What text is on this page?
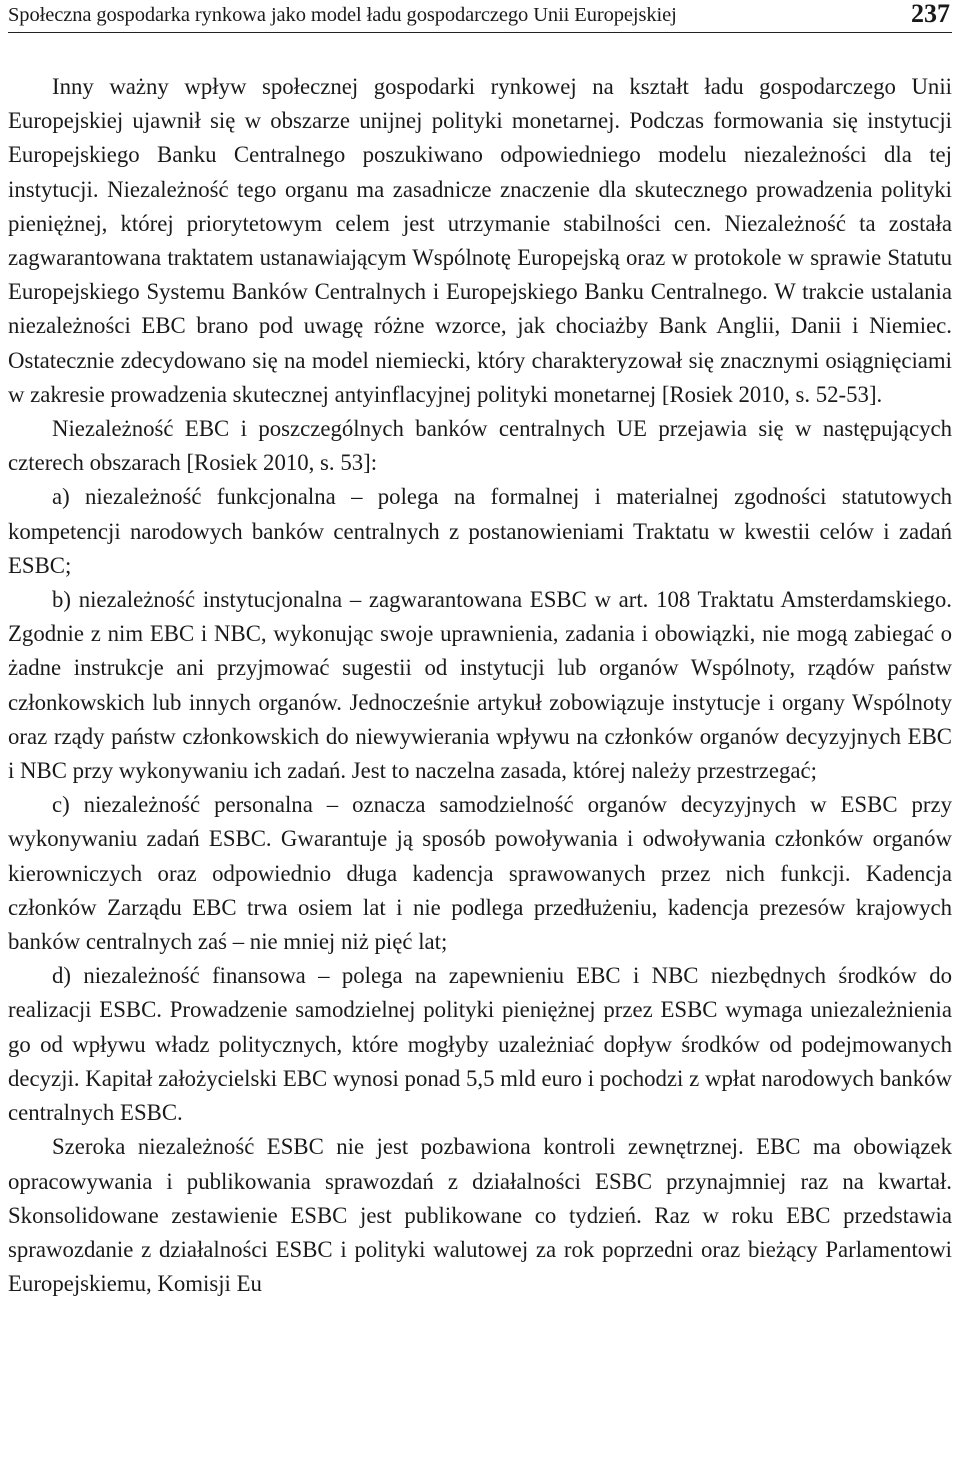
Społeczna gospodarka rynkowa jako model ładu gospodarczego Unii Europejskiej	237

Inny ważny wpływ społecznej gospodarki rynkowej na kształt ładu gospodarczego Unii Europejskiej ujawnił się w obszarze unijnej polityki monetarnej. Podczas formowania się instytucji Europejskiego Banku Centralnego poszukiwano odpowiedniego modelu niezależności dla tej instytucji. Niezależność tego organu ma zasadnicze znaczenie dla skutecznego prowadzenia polityki pieniężnej, której priorytetowym celem jest utrzymanie stabilności cen. Niezależność ta została zagwarantowana traktatem ustanawiającym Wspólnotę Europejską oraz w protokole w sprawie Statutu Europejskiego Systemu Banków Centralnych i Europejskiego Banku Centralnego. W trakcie ustalania niezależności EBC brano pod uwagę różne wzorce, jak chociażby Bank Anglii, Danii i Niemiec. Ostatecznie zdecydowano się na model niemiecki, który charakteryzował się znacznymi osiągnięciami w zakresie prowadzenia skutecznej antyinflacyjnej polityki monetarnej [Rosiek 2010, s. 52-53].

Niezależność EBC i poszczególnych banków centralnych UE przejawia się w następujących czterech obszarach [Rosiek 2010, s. 53]:

a) niezależność funkcjonalna – polega na formalnej i materialnej zgodności statutowych kompetencji narodowych banków centralnych z postanowieniami Traktatu w kwestii celów i zadań ESBC;

b) niezależność instytucjonalna – zagwarantowana ESBC w art. 108 Traktatu Amsterdamskiego. Zgodnie z nim EBC i NBC, wykonując swoje uprawnienia, zadania i obowiązki, nie mogą zabiegać o żadne instrukcje ani przyjmować sugestii od instytucji lub organów Wspólnoty, rządów państw członkowskich lub innych organów. Jednocześnie artykuł zobowiązuje instytucje i organy Wspólnoty oraz rządy państw członkowskich do niewywierania wpływu na członków organów decyzyjnych EBC i NBC przy wykonywaniu ich zadań. Jest to naczelna zasada, której należy przestrzegać;

c) niezależność personalna – oznacza samodzielność organów decyzyjnych w ESBC przy wykonywaniu zadań ESBC. Gwarantuje ją sposób powoływania i odwoływania członków organów kierowniczych oraz odpowiednio długa kadencja sprawowanych przez nich funkcji. Kadencja członków Zarządu EBC trwa osiem lat i nie podlega przedłużeniu, kadencja prezesów krajowych banków centralnych zaś – nie mniej niż pięć lat;

d) niezależność finansowa – polega na zapewnieniu EBC i NBC niezbędnych środków do realizacji ESBC. Prowadzenie samodzielnej polityki pieniężnej przez ESBC wymaga uniezależnienia go od wpływu władz politycznych, które mogłyby uzależniać dopływ środków od podejmowanych decyzji. Kapitał założycielski EBC wynosi ponad 5,5 mld euro i pochodzi z wpłat narodowych banków centralnych ESBC.

Szeroka niezależność ESBC nie jest pozbawiona kontroli zewnętrznej. EBC ma obowiązek opracowywania i publikowania sprawozdań z działalności ESBC przynajmniej raz na kwartał. Skonsolidowane zestawienie ESBC jest publikowane co tydzień. Raz w roku EBC przedstawia sprawozdanie z działalności ESBC i polityki walutowej za rok poprzedni oraz bieżący Parlamentowi Europejskiemu, Komisji Eu
